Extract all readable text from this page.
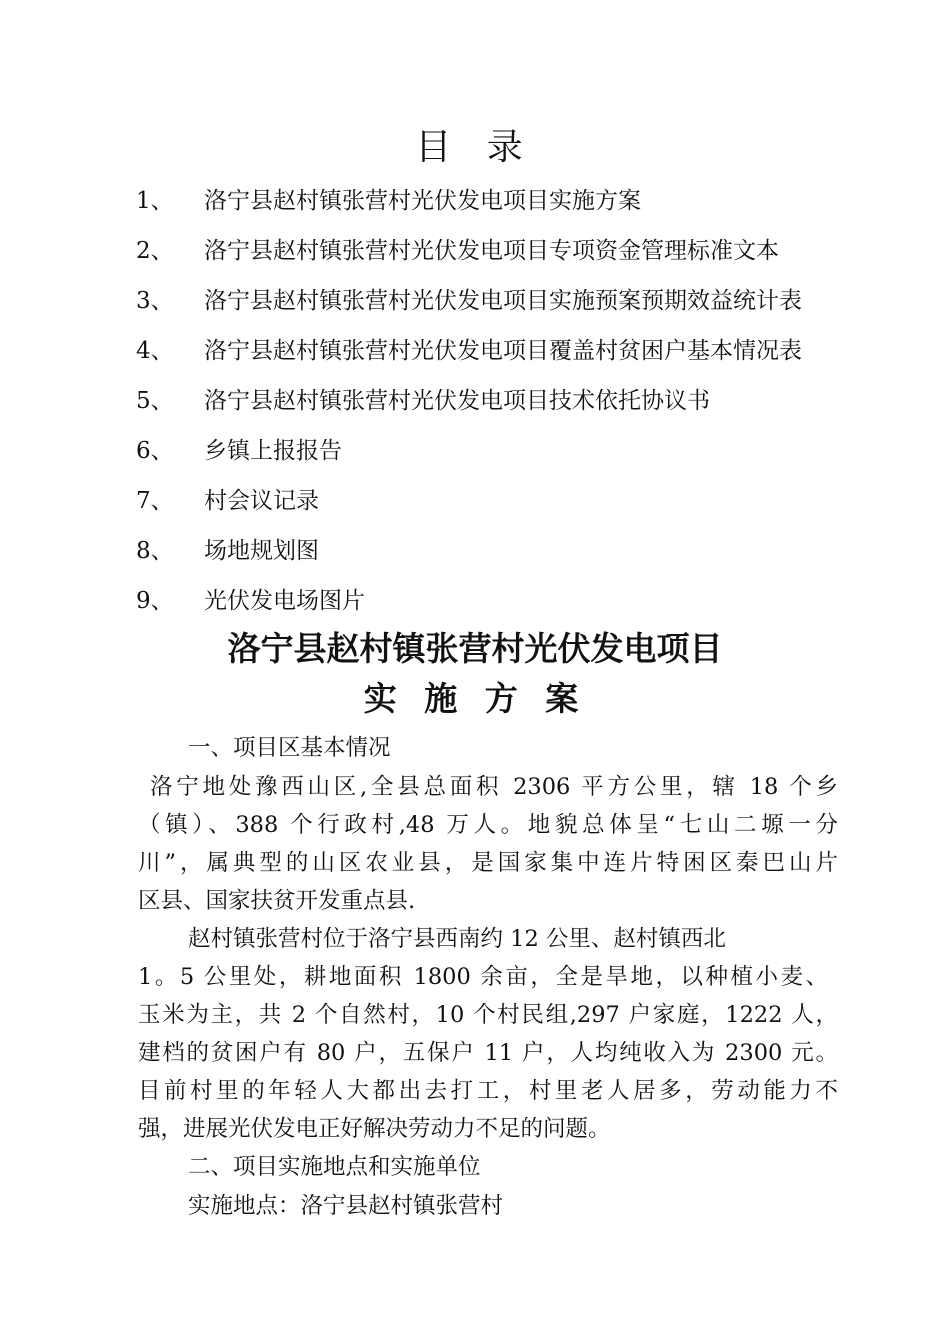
目 录
1、 洛宁县赵村镇张营村光伏发电项目实施方案
2、 洛宁县赵村镇张营村光伏发电项目专项资金管理标准文本
3、 洛宁县赵村镇张营村光伏发电项目实施预案预期效益统计表
4、 洛宁县赵村镇张营村光伏发电项目覆盖村贫困户基本情况表
5、 洛宁县赵村镇张营村光伏发电项目技术依托协议书
6、 乡镇上报报告
7、 村会议记录
8、 场地规划图
9、 光伏发电场图片
洛宁县赵村镇张营村光伏发电项目
实 施 方 案
一、项目区基本情况
洛宁地处豫西山区,全县总面积 2306 平方公里，辖 18 个乡
（镇）、388 个行政村,48 万人。地貌总体呈“七山二塬一分
川”，属典型的山区农业县，是国家集中连片特困区秦巴山片
区县、国家扶贫开发重点县.
赵村镇张营村位于洛宁县西南约 12 公里、赵村镇西北
1。5 公里处，耕地面积 1800 余亩，全是旱地，以种植小麦、
玉米为主，共 2 个自然村，10 个村民组,297 户家庭，1222 人，
建档的贫困户有 80 户，五保户 11 户，人均纯收入为 2300 元。
目前村里的年轻人大都出去打工，村里老人居多，劳动能力不
强，进展光伏发电正好解决劳动力不足的问题。
二、项目实施地点和实施单位
实施地点：洛宁县赵村镇张营村
